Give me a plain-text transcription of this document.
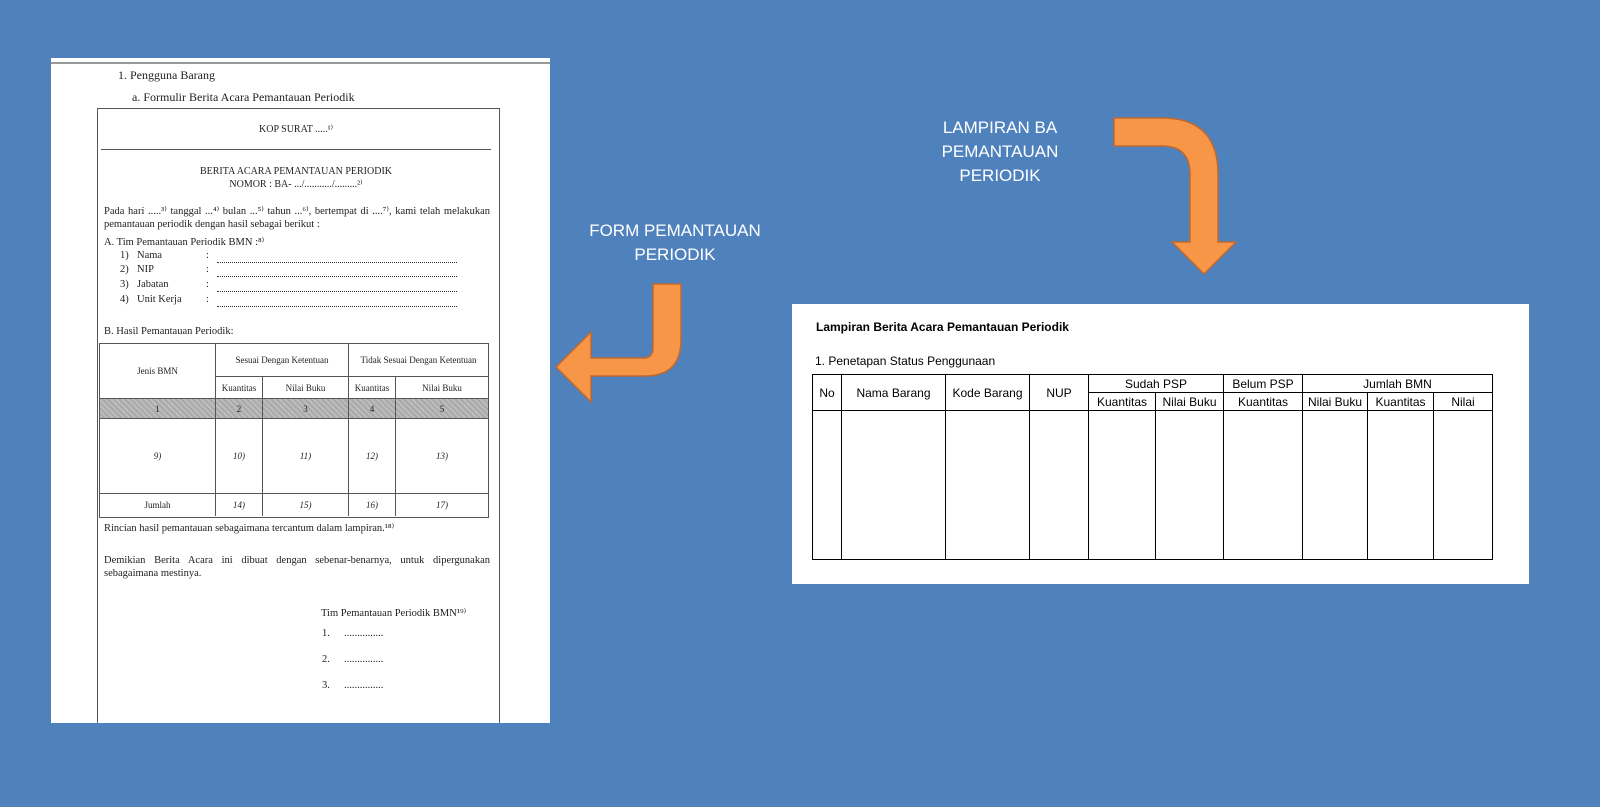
1. Pengguna Barang
a. Formulir Berita Acara Pemantauan Periodik
KOP SURAT .....¹⁾
BERITA ACARA PEMANTAUAN PERIODIK
NOMOR : BA- .../.........../.........²⁾
Pada hari .....³⁾ tanggal ...⁴⁾ bulan ...⁵⁾ tahun ...⁶⁾, bertempat di ....⁷⁾, kami telah melakukan pemantauan periodik dengan hasil sebagai berikut :
A. Tim Pemantauan Periodik BMN :⁸⁾
1) Nama	:
2) NIP	:
3) Jabatan	:
4) Unit Kerja :
B. Hasil Pemantauan Periodik:
Jenis BMN
Sesuai Dengan Ketentuan	Tidak Sesuai Dengan Ketentuan
Kuantitas	Nilai Buku	Kuantitas	Nilai Buku
1	2	3	4	5
9)	10)	11)	12)	13)
Jumlah	14)	15)	16)	17)
Rincian hasil pemantauan sebagaimana tercantum dalam lampiran.¹⁸⁾
Demikian Berita Acara ini dibuat dengan sebenar-benarnya, untuk dipergunakan sebagaimana mestinya.
Tim Pemantauan Periodik BMN¹⁹⁾
1. ...............
2. ...............
3. ...............
FORM PEMANTAUAN
PERIODIK
LAMPIRAN BA
PEMANTAUAN
PERIODIK
Lampiran Berita Acara Pemantauan Periodik
1. Penetapan Status Penggunaan
No	Nama Barang	Kode Barang	NUP	Sudah PSP		Belum PSP	Jumlah BMN		
				Kuantitas	Nilai Buku	Kuantitas	Nilai Buku	Kuantitas	Nilai
